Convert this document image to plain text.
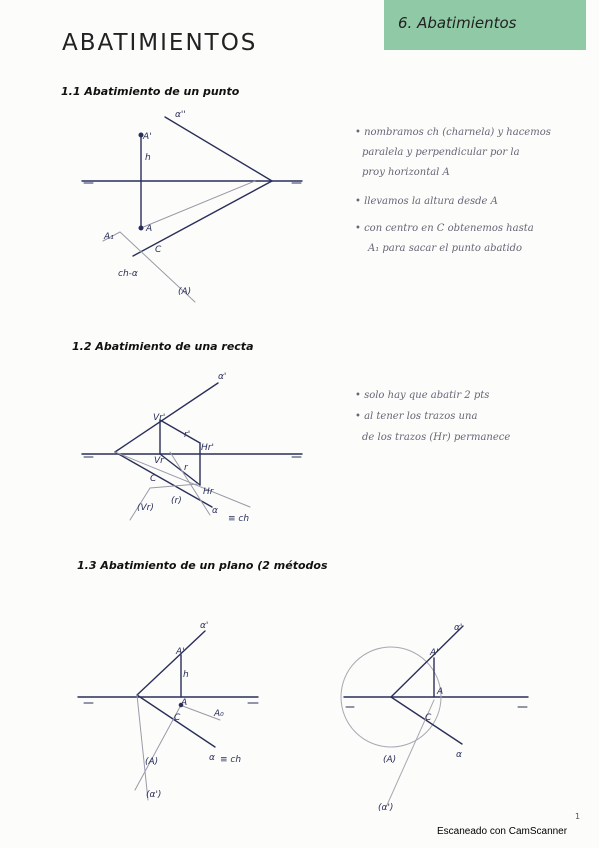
6. Abatimientos
ABATIMIENTOS
1.1 Abatimiento de un punto
1.2 Abatimiento de una recta
1.3 Abatimiento de un plano (2 métodos
• nombramos ch (charnela) y hacemos
paralela y perpendicular por la
proy horizontal A
• llevamos la altura desde A
• con centro en C obtenemos hasta
A₁ para sacar el punto abatido
• solo hay que abatir 2 pts
• al tener los trazos una
de los trazos (Hr) permanece
α''
A'
h
A
C
A₁
ch-α
(A)
α'
Vr'
r'
Hr'
Vr
r
Hr
C
(Vr)
(r)
α
≡ ch
α'
A'
h
A
C	A₀
(A)
(α')
α ≡ ch
α'
A'
A
C
(A)
(α')
α
1
Escaneado con CamScanner
